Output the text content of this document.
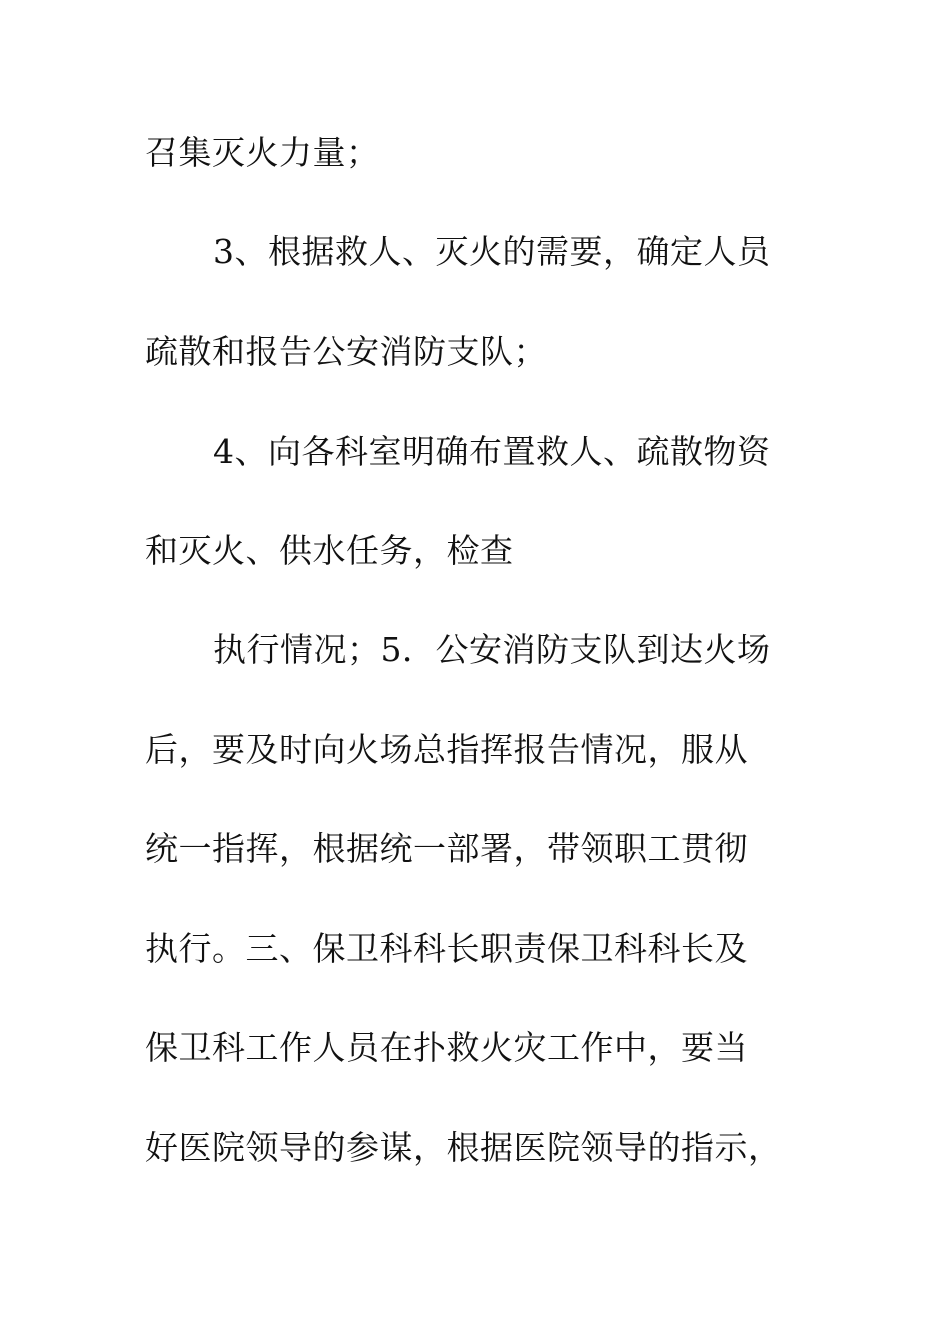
召集灭火力量；
3、根据救人、灭火的需要，确定人员
疏散和报告公安消防支队；
4、向各科室明确布置救人、疏散物资
和灭火、供水任务，检查
执行情况；5．公安消防支队到达火场
后，要及时向火场总指挥报告情况，服从
统一指挥，根据统一部署，带领职工贯彻
执行。三、保卫科科长职责保卫科科长及
保卫科工作人员在扑救火灾工作中，要当
好医院领导的参谋，根据医院领导的指示，
